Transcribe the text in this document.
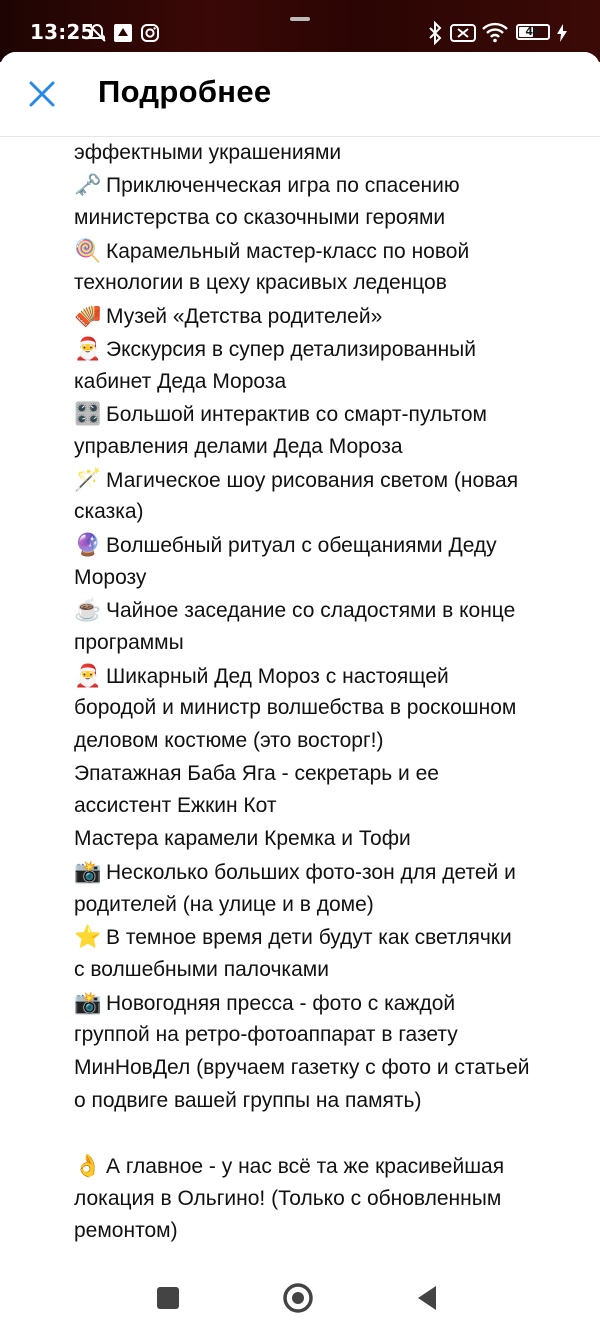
13:25	46
Подробнее
эффектными украшениями
🗝️ Приключенческая игра по спасению
министерства со сказочными героями
🍭 Карамельный мастер-класс по новой
технологии в цеху красивых леденцов
🪗 Музей «Детства родителей»
🎅 Экскурсия в супер детализированный
кабинет Деда Мороза
🎛️ Большой интерактив со смарт-пультом
управления делами Деда Мороза
🪄 Магическое шоу рисования светом (новая
сказка)
🔮 Волшебный ритуал с обещаниями Деду
Морозу
☕ Чайное заседание со сладостями в конце
программы
🎅 Шикарный Дед Мороз с настоящей
бородой и министр волшебства в роскошном
деловом костюме (это восторг!)
Эпатажная Баба Яга - секретарь и ее
ассистент Ежкин Кот
Мастера карамели Кремка и Тофи
📸 Несколько больших фото-зон для детей и
родителей (на улице и в доме)
⭐ В темное время дети будут как светлячки
с волшебными палочками
📸 Новогодняя пресса - фото с каждой
группой на ретро-фотоаппарат в газету
МинНовДел (вручаем газетку с фото и статьей
о подвиге вашей группы на память)
👌 А главное - у нас всё та же красивейшая
локация в Ольгино! (Только с обновленным
ремонтом)
